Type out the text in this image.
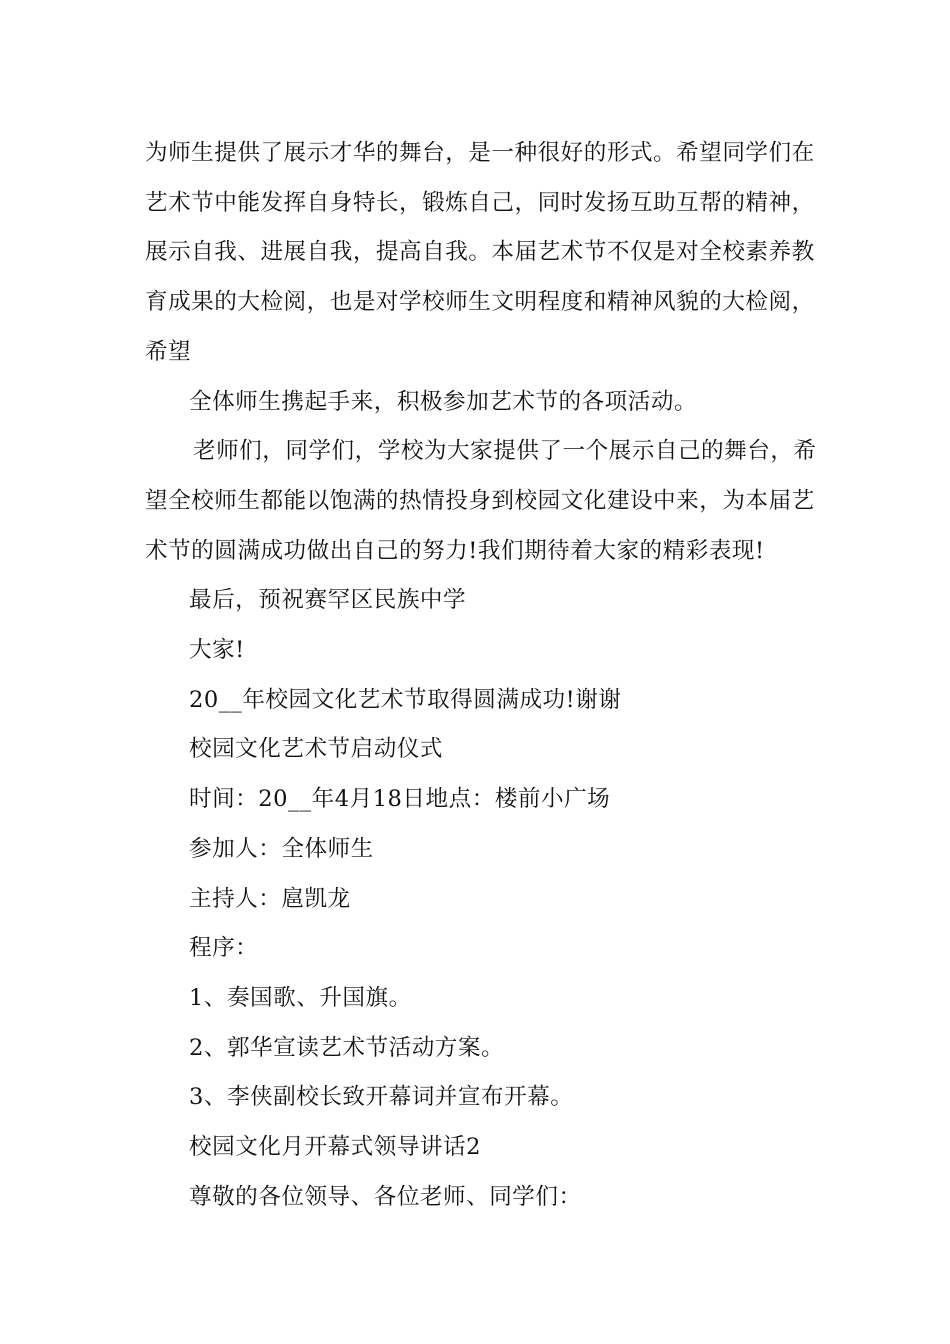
为师生提供了展示才华的舞台，是一种很好的形式。希望同学们在

艺术节中能发挥自身特长，锻炼自己，同时发扬互助互帮的精神，

展示自我、进展自我，提高自我。本届艺术节不仅是对全校素养教

育成果的大检阅，也是对学校师生文明程度和精神风貌的大检阅，

希望

全体师生携起手来，积极参加艺术节的各项活动。

老师们，同学们，学校为大家提供了一个展示自己的舞台，希

望全校师生都能以饱满的热情投身到校园文化建设中来，为本届艺

术节的圆满成功做出自己的努力!我们期待着大家的精彩表现!

最后，预祝赛罕区民族中学

大家!

20__年校园文化艺术节取得圆满成功!谢谢

校园文化艺术节启动仪式

时间：20__年4月18日地点：楼前小广场

参加人：全体师生

主持人：扈凯龙

程序：

1、奏国歌、升国旗。

2、郭华宣读艺术节活动方案。

3、李侠副校长致开幕词并宣布开幕。

校园文化月开幕式领导讲话2

尊敬的各位领导、各位老师、同学们：
